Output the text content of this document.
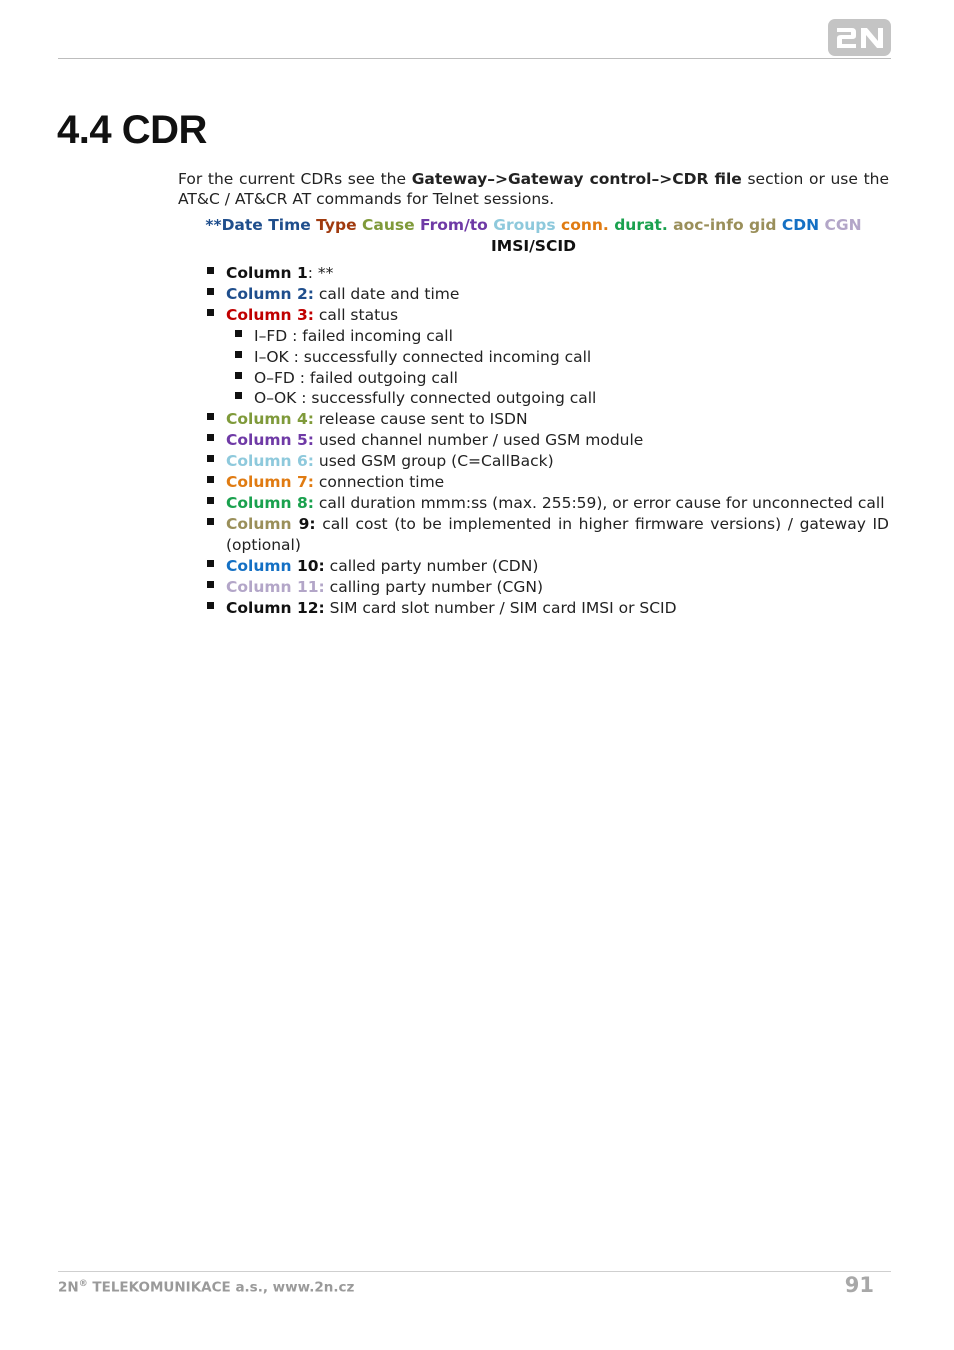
4.4 CDR

For the current CDRs see the Gateway–>Gateway control–>CDR file section or use the AT&C / AT&CR AT commands for Telnet sessions.

**Date Time Type Cause From/to Groups conn. durat. aoc-info gid CDN CGN
IMSI/SCID

Column 1: **
Column 2: call date and time
Column 3: call status
I–FD : failed incoming call
I–OK : successfully connected incoming call
O–FD : failed outgoing call
O–OK : successfully connected outgoing call
Column 4: release cause sent to ISDN
Column 5: used channel number / used GSM module
Column 6: used GSM group (C=CallBack)
Column 7: connection time
Column 8: call duration mmm:ss (max. 255:59), or error cause for unconnected call
Column 9: call cost (to be implemented in higher firmware versions) / gateway ID (optional)
Column 10: called party number (CDN)
Column 11: calling party number (CGN)
Column 12: SIM card slot number / SIM card IMSI or SCID
2N® TELEKOMUNIKACE a.s., www.2n.cz	91
